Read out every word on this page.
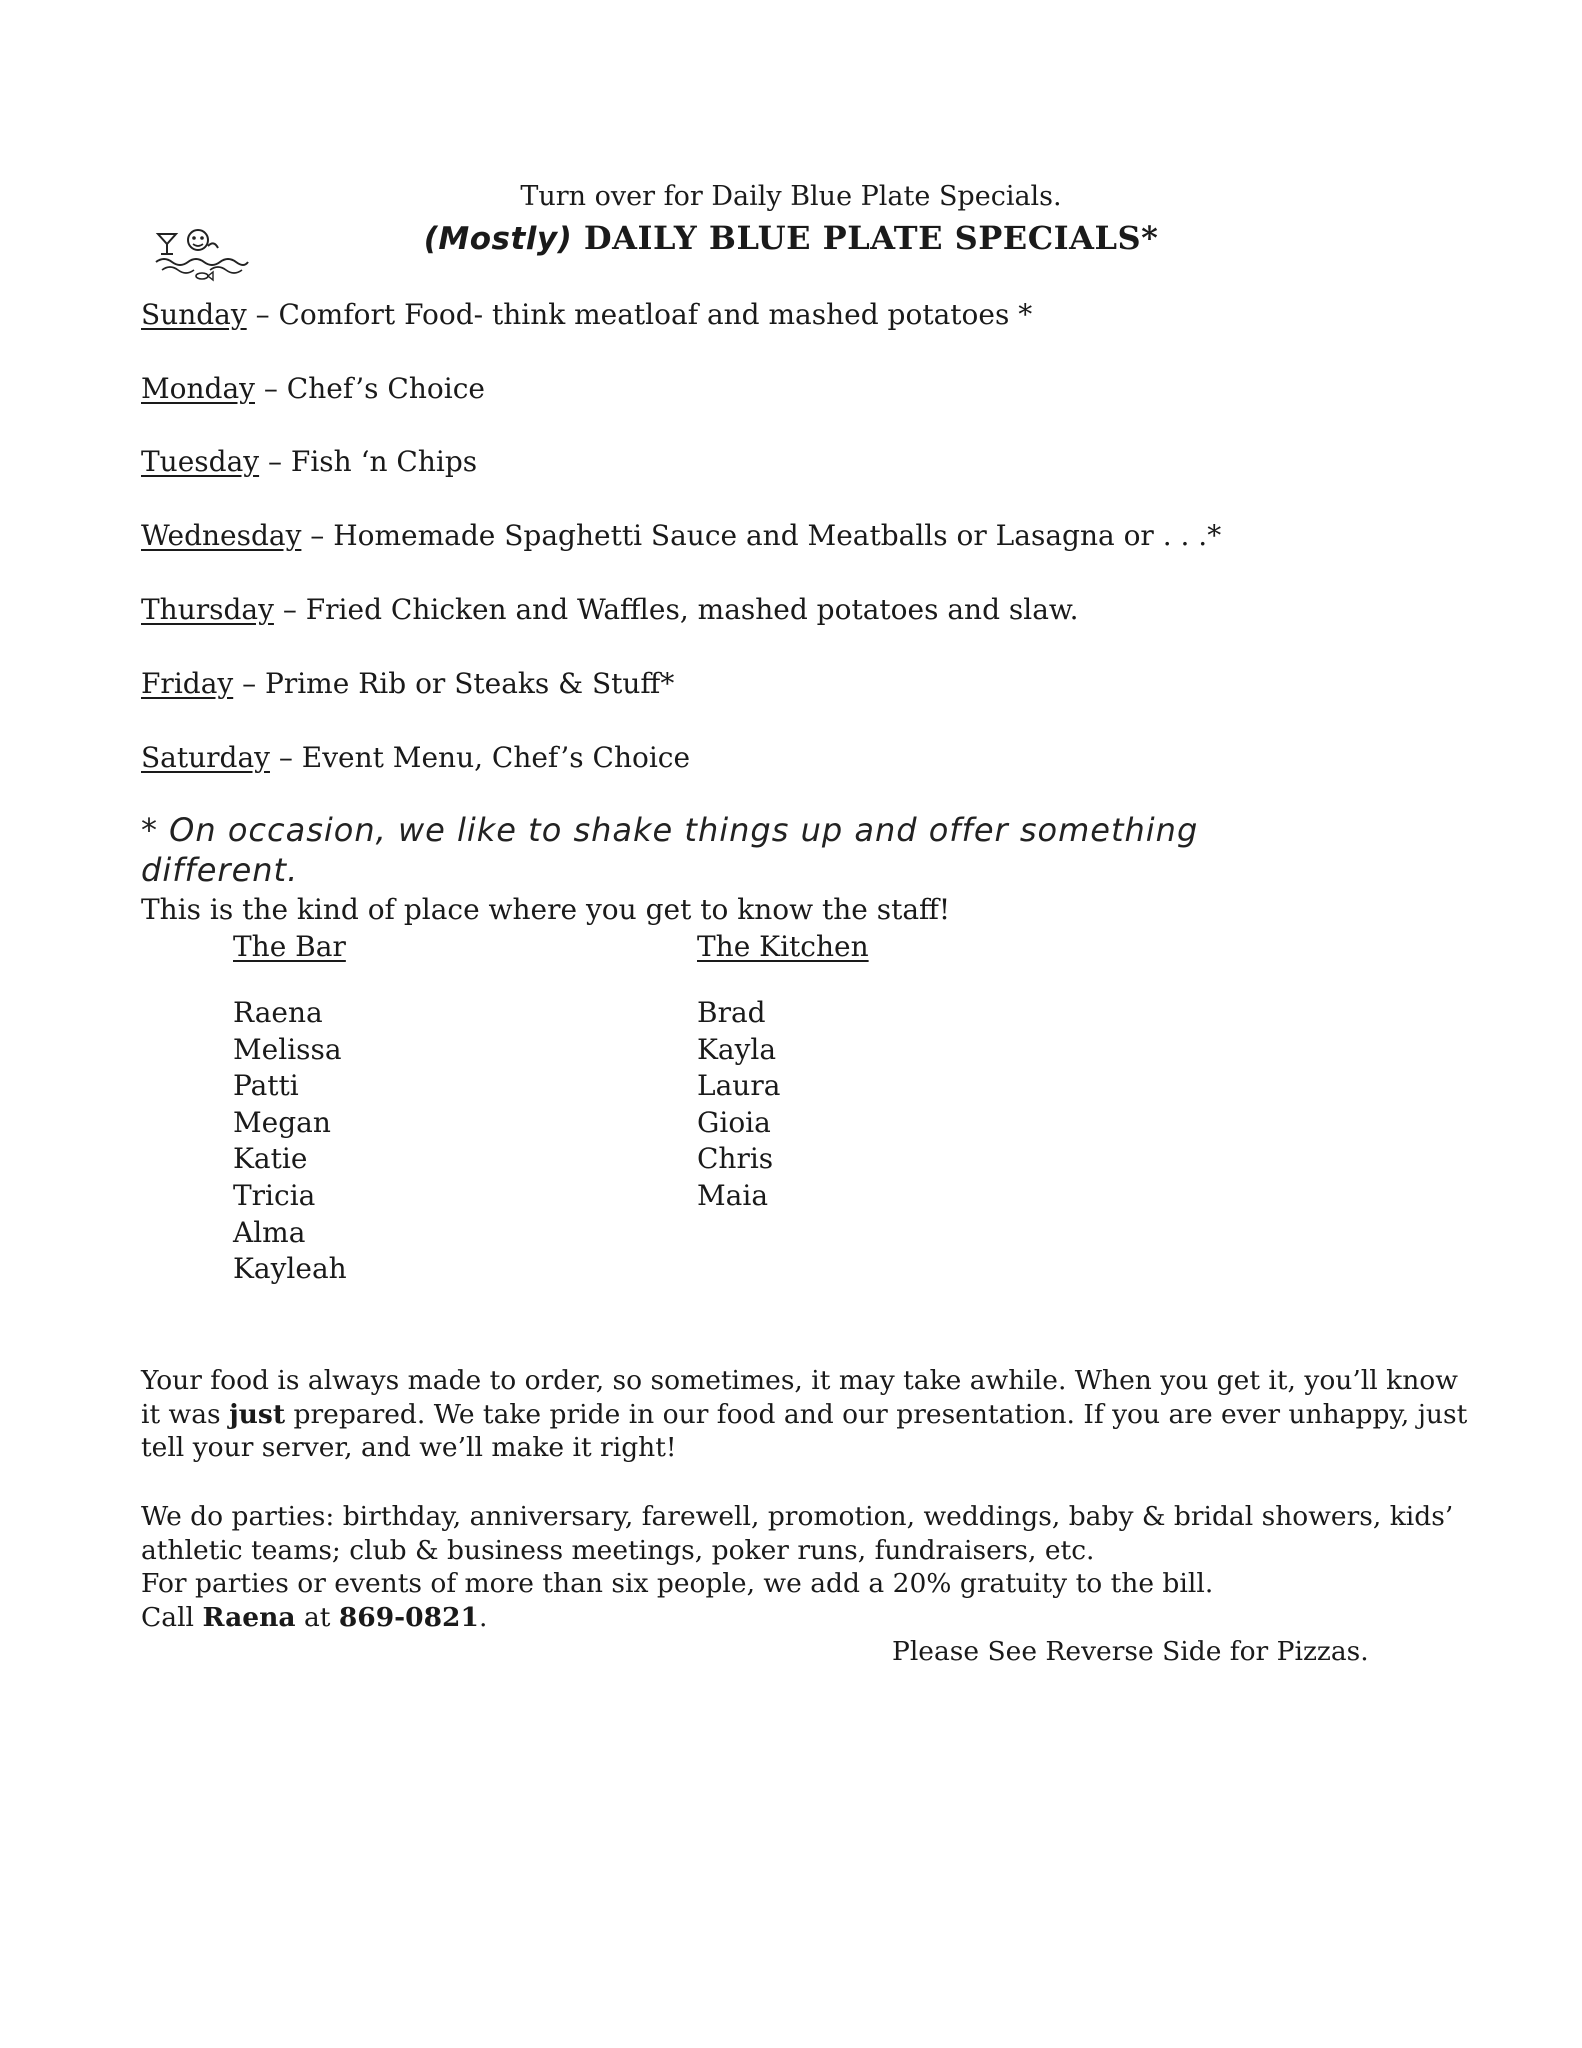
Turn over for Daily Blue Plate Specials.
(Mostly) DAILY BLUE PLATE SPECIALS*
Sunday – Comfort Food- think meatloaf and mashed potatoes *
Monday – Chef’s Choice
Tuesday – Fish ‘n Chips
Wednesday – Homemade Spaghetti Sauce and Meatballs or Lasagna or . . .*
Thursday – Fried Chicken and Waffles, mashed potatoes and slaw.
Friday – Prime Rib or Steaks & Stuff*
Saturday – Event Menu, Chef’s Choice
* On occasion, we like to shake things up and offer something different.
This is the kind of place where you get to know the staff!
The Bar	The Kitchen
Raena
Melissa
Patti
Megan
Katie
Tricia
Alma
Kayleah
Brad
Kayla
Laura
Gioia
Chris
Maia
Your food is always made to order, so sometimes, it may take awhile. When you get it, you’ll know
it was just prepared. We take pride in our food and our presentation. If you are ever unhappy, just
tell your server, and we’ll make it right!
We do parties: birthday, anniversary, farewell, promotion, weddings, baby & bridal showers, kids’
athletic teams; club & business meetings, poker runs, fundraisers, etc.
For parties or events of more than six people, we add a 20% gratuity to the bill.
Call Raena at 869-0821.
Please See Reverse Side for Pizzas.
